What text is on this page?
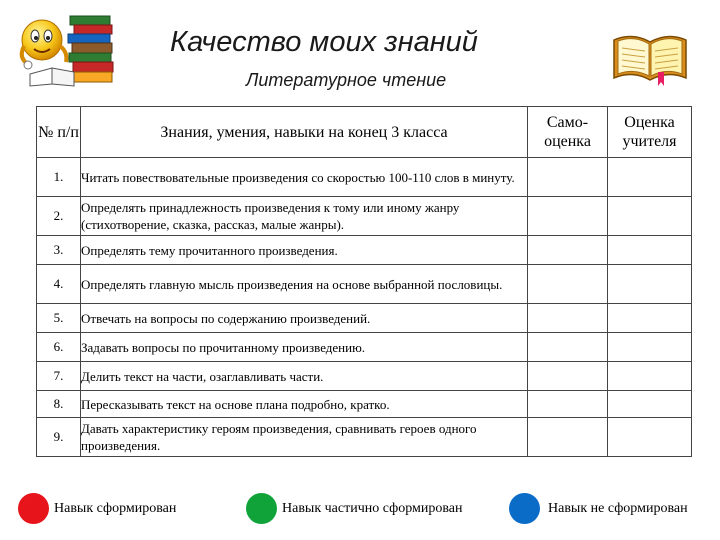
Качество моих знаний
Литературное чтение
№ п/п	Знания, умения, навыки на конец 3 класса	Само-оценка	Оценка учителя
1.	Читать повествовательные произведения со скоростью 100-110 слов в минуту.		
2.	Определять принадлежность произведения к тому или иному жанру (стихотворение, сказка, рассказ, малые жанры).		
3.	Определять тему прочитанного произведения.		
4.	Определять главную мысль произведения на основе выбранной пословицы.		
5.	Отвечать на вопросы по содержанию произведений.		
6.	Задавать вопросы по прочитанному произведению.		
7.	Делить текст на части, озаглавливать части.		
8.	Пересказывать текст на основе плана подробно, кратко.		
9.	Давать характеристику героям произведения, сравнивать героев одного произведения.		
Навык сформирован	Навык частично сформирован	Навык не сформирован
